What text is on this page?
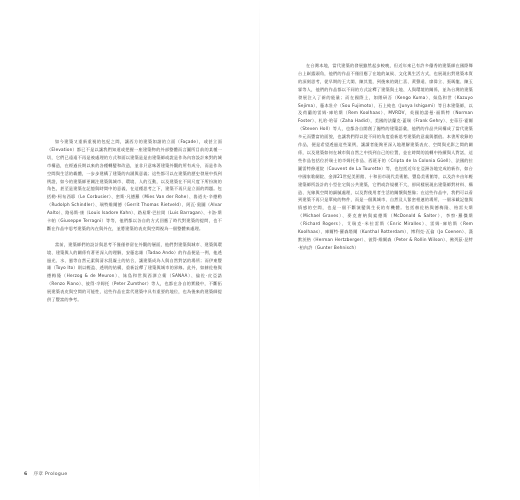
如今建築又重新重視的包紀之間，讓西方的建築如諸的立面（Façade），或甚立面（Elevation）都已不是以讓我們知道或把握一座建築物的外部整體而言圖所目前的某種一切，它們已遠遠不再是被處理的方式和面以建築是是由建築師或說是作為內容設計來對的城市構造，在經過長期以來的各種轉變和改造，並非只意味著建築外觀的所有成分，而是作為空間與生活的載體，一步步建構了建築的內涵與意義；這些都可以在建築的歷史發展中找到例證，如今的建築師更關注建築與城市、環境、人的互動，以及建築在不同尺度下所扮演的角色，甚至是建築在記憶與時間中的意義，在這種思考之下，建築不再只是立面的問題。包括勒·柯布西耶（Le Corbusier）、密斯·凡德羅（Mies Van der Rohe）、魯道夫·辛德勒（Rudolph Schindler）、瑞特維爾德（Gerrit Thomas Rietveld）、阿瓦·奧圖（Alvar Aalto）、路易斯·康（Louis Isadore Kahn）、路易斯·巴拉岡（Luis Barragan）、卡洛·斯卡帕（Giuseppe Terragni）等等，他們都以各自的方式回應了時代對建築的提問，也不斷在作品中思考建築的內在與外在，並將建築的表皮與空間視為一個整體來處理。

當前，建築師們的設計與思考不僅僅停留在外觀的層面，他們對建築與城市、建築與環境、建築與人的關係有著更深入的理解，安藤忠雄（Tadao Ando）的作品便是一例，他透過光、水、風等自然元素與清水混凝土的結合，讓建築成為人與自然對話的場所；而伊東豐雄（Toyo Ito）則以輕盈、透明的結構，重新詮釋了建築與城市的界線。此外，如赫佐格與德梅隆（Herzog & de Meuron）、妹島和世與西澤立衛（SANAA）、倫佐·皮亞諾（Renzo Piano）、彼得·卒姆托（Peter Zumthor）等人，也都在各自的實踐中，不斷拓展建築表皮與空間的可能性，這些作品在當代建築中具有重要的地位，也為後來的建築師提供了豐富的參考。

6 序章 Prologue

在台灣本地，當代建築的發展雖然起步較晚，但近年來已有許多優秀的建築師在國際舞台上嶄露頭角，他們的作品不僅回應了在地的氣候、文化與生活方式，也展現出對建築本質的深刻思考，從早期的王大閎、陳其寬，到後來的姚仁喜、黃聲遠、廖偉立、張瑪龍、陳玉霖等人，他們的作品都以不同的方式詮釋了建築與土地、人與環境的關係，並為台灣的建築發展注入了新的能量；而在國際上，如隈研吾（Kengo Kuma）、妹島和世（Kazuyo Sejima）、藤本壯介（Sou Fujimoto）、石上純也（Junya Ishigami）等日本建築師，以及荷蘭的雷姆·庫哈斯（Rem Koolhaas）、MVRDV，英國的諾曼·福斯特（Norman Foster）、札哈·哈蒂（Zaha Hadid），美國的法蘭克·蓋瑞（Frank Gehry）、史蒂芬·霍爾（Steven Holl）等人，也都各自開創了獨特的建築語彙，他們的作品共同構成了當代建築多元而豐富的面貌，也讓我們得以從不同的角度重新思考建築的意義與價值。本書所收錄的作品，便是希望透過這些案例，讓讀者能夠更深入地理解建築表皮、空間與光影之間的關係，以及建築如何在城市與自然之中找到自己的位置，並在時間的流轉中持續與人對話，這些作品包括位於瑞士的卒姆托作品、西班牙的（Cripta de la Colonia Güell）、法國的拉圖雷特修道院（Couvent de La Tourette）等，也包括近年在亞洲各地完成的新作，如台中國家歌劇院、金澤21世紀美術館、十和田市現代美術館、豐島美術館等，以及許多由年輕建築師所設計的小型住宅與公共建築，它們或許規模不大，卻同樣展現出建築師對材料、構造、光線與空間的細膩處理，以及對使用者生活的關懷與想像；在這些作品中，我們可以看到建築不再只是單純的物件，而是一個與城市、自然及人緊密相連的場所，一個承載記憶與情感的空間，也是一個不斷演變與生長的有機體。包括赫佐格與德梅隆、格雷夫斯（Michael Graves）、麥克唐納與索德斯（McDonald & Salter）、李察·羅傑斯（Richard Rogers）、艾瑞克·米拉雷斯（Enric Miralles）、雷姆·庫哈斯（Rem Koolhaas）、庫爾特·羅森塔爾（Kunthal Rotterdam）、博利克·瓦倫（Jo Coenen）、漢默茨格（Herman Hertzberger）、彼得·維爾森（Peter & Rollin Wilson）、佛列茲·昆特·柏內許（Gunter Behnisch）
